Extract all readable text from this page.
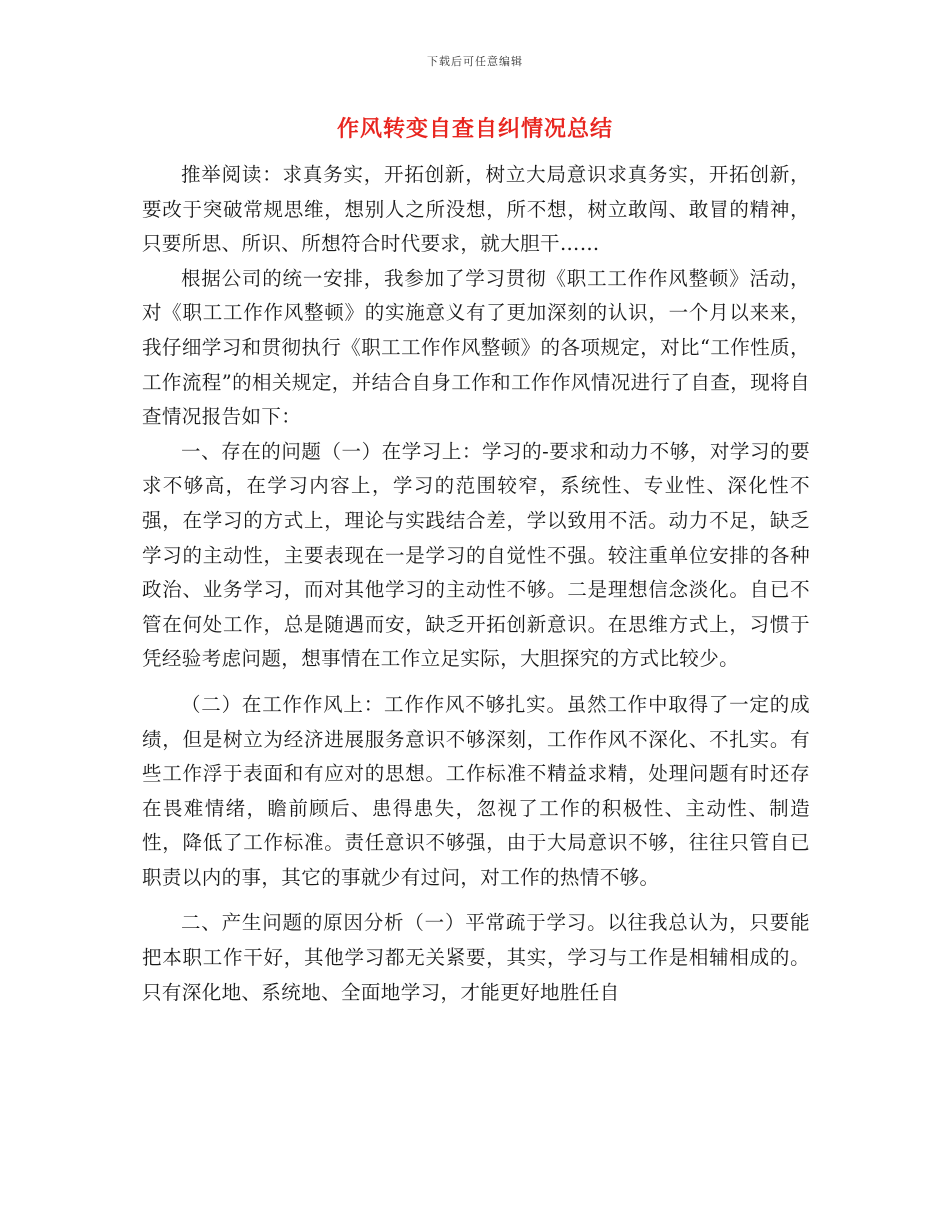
下载后可任意编辑
作风转变自查自纠情况总结

推举阅读：求真务实，开拓创新，树立大局意识求真务实，开拓创新，要改于突破常规思维，想别人之所没想，所不想，树立敢闯、敢冒的精神，只要所思、所识、所想符合时代要求，就大胆干……

根据公司的统一安排，我参加了学习贯彻《职工工作作风整顿》活动，对《职工工作作风整顿》的实施意义有了更加深刻的认识，一个月以来来，我仔细学习和贯彻执行《职工工作作风整顿》的各项规定，对比“工作性质，工作流程”的相关规定，并结合自身工作和工作作风情况进行了自查，现将自查情况报告如下：

一、存在的问题（一）在学习上：学习的-要求和动力不够，对学习的要求不够高，在学习内容上，学习的范围较窄，系统性、专业性、深化性不强，在学习的方式上，理论与实践结合差，学以致用不活。动力不足，缺乏学习的主动性，主要表现在一是学习的自觉性不强。较注重单位安排的各种政治、业务学习，而对其他学习的主动性不够。二是理想信念淡化。自已不管在何处工作，总是随遇而安，缺乏开拓创新意识。在思维方式上，习惯于凭经验考虑问题，想事情在工作立足实际，大胆探究的方式比较少。

（二）在工作作风上：工作作风不够扎实。虽然工作中取得了一定的成绩，但是树立为经济进展服务意识不够深刻，工作作风不深化、不扎实。有些工作浮于表面和有应对的思想。工作标准不精益求精，处理问题有时还存在畏难情绪，瞻前顾后、患得患失，忽视了工作的积极性、主动性、制造性，降低了工作标准。责任意识不够强，由于大局意识不够，往往只管自已职责以内的事，其它的事就少有过问，对工作的热情不够。

二、产生问题的原因分析（一）平常疏于学习。以往我总认为，只要能把本职工作干好，其他学习都无关紧要，其实，学习与工作是相辅相成的。只有深化地、系统地、全面地学习，才能更好地胜任自
